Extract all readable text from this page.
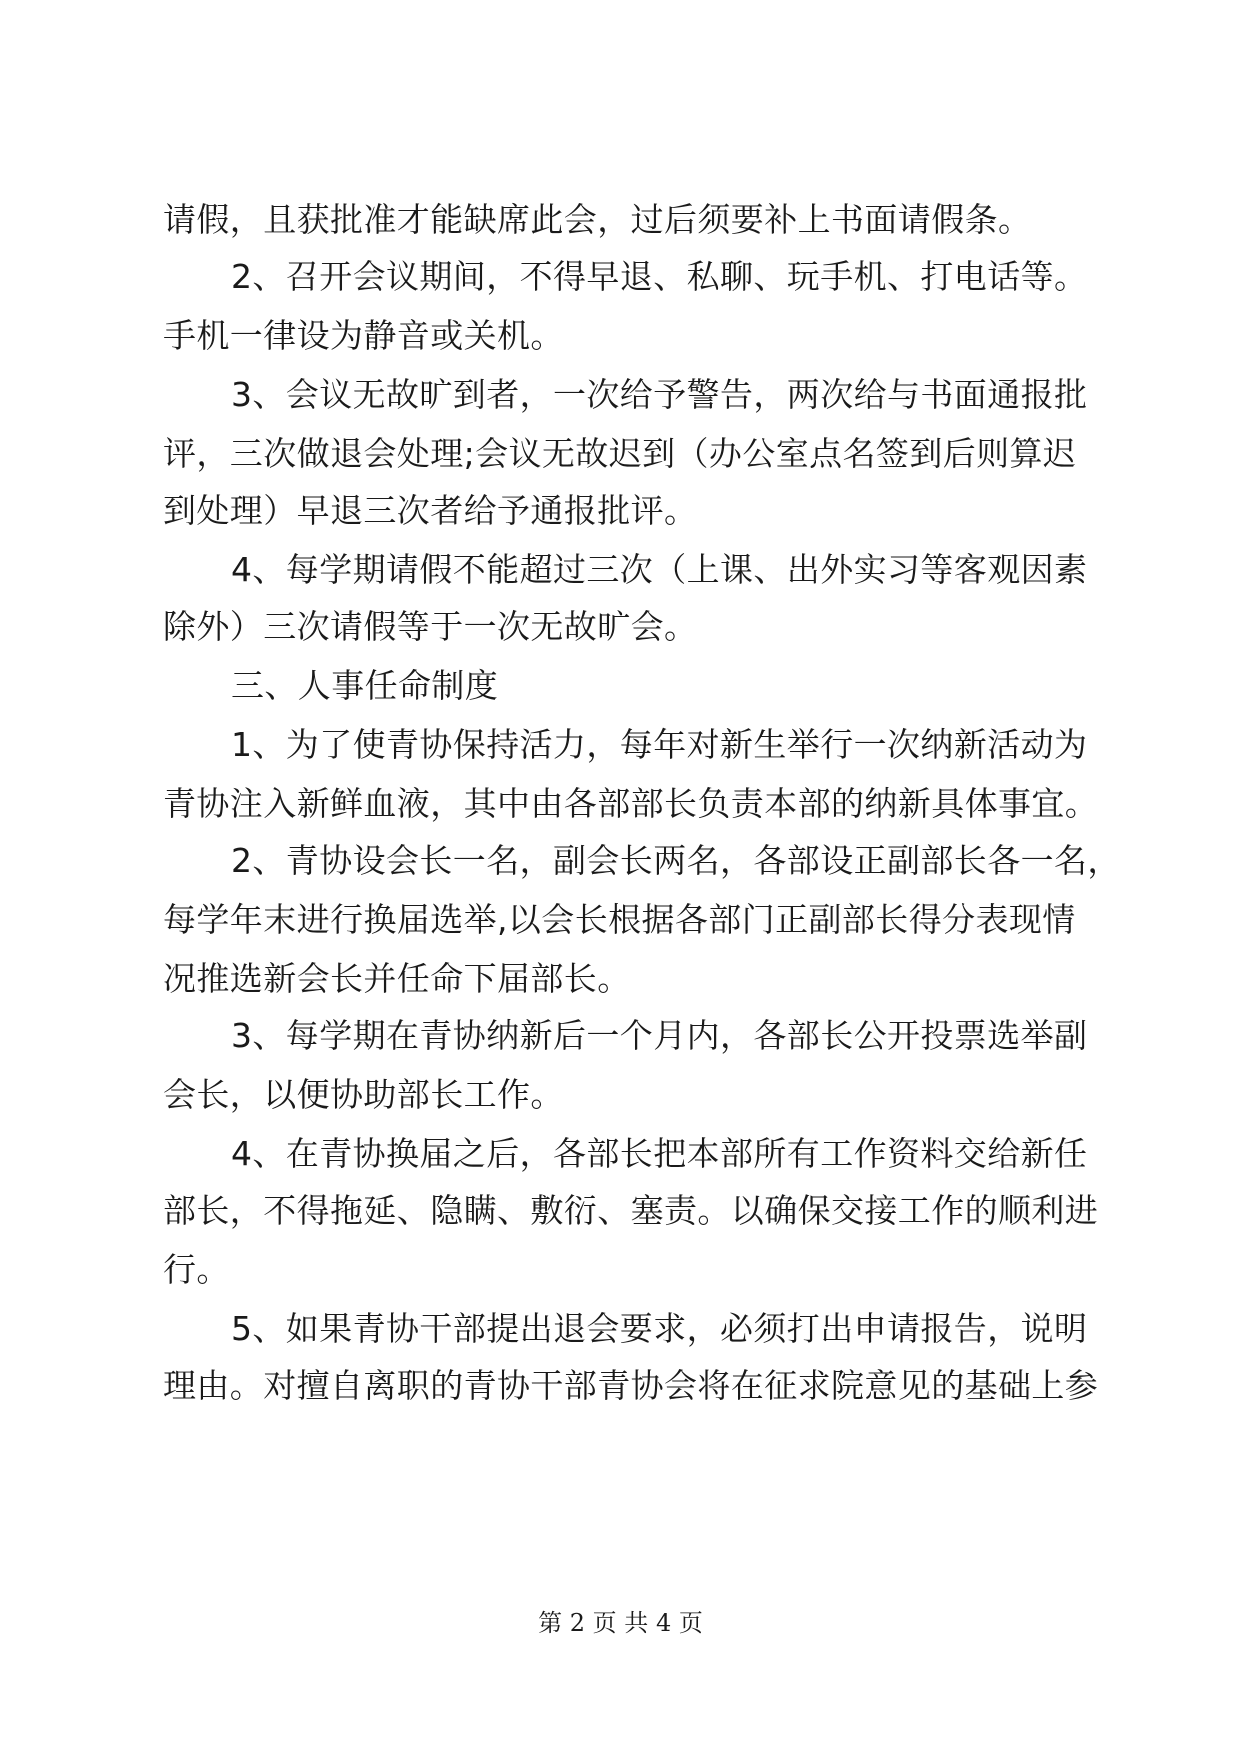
请假，且获批准才能缺席此会，过后须要补上书面请假条。
2、召开会议期间，不得早退、私聊、玩手机、打电话等。
手机一律设为静音或关机。
3、会议无故旷到者，一次给予警告，两次给与书面通报批
评，三次做退会处理;会议无故迟到（办公室点名签到后则算迟
到处理）早退三次者给予通报批评。
4、每学期请假不能超过三次（上课、出外实习等客观因素
除外）三次请假等于一次无故旷会。
三、人事任命制度
1、为了使青协保持活力，每年对新生举行一次纳新活动为
青协注入新鲜血液，其中由各部部长负责本部的纳新具体事宜。
2、青协设会长一名，副会长两名，各部设正副部长各一名，
每学年末进行换届选举,以会长根据各部门正副部长得分表现情
况推选新会长并任命下届部长。
3、每学期在青协纳新后一个月内，各部长公开投票选举副
会长，以便协助部长工作。
4、在青协换届之后，各部长把本部所有工作资料交给新任
部长，不得拖延、隐瞒、敷衍、塞责。以确保交接工作的顺利进
行。
5、如果青协干部提出退会要求，必须打出申请报告，说明
理由。对擅自离职的青协干部青协会将在征求院意见的基础上参
第 2 页 共 4 页
